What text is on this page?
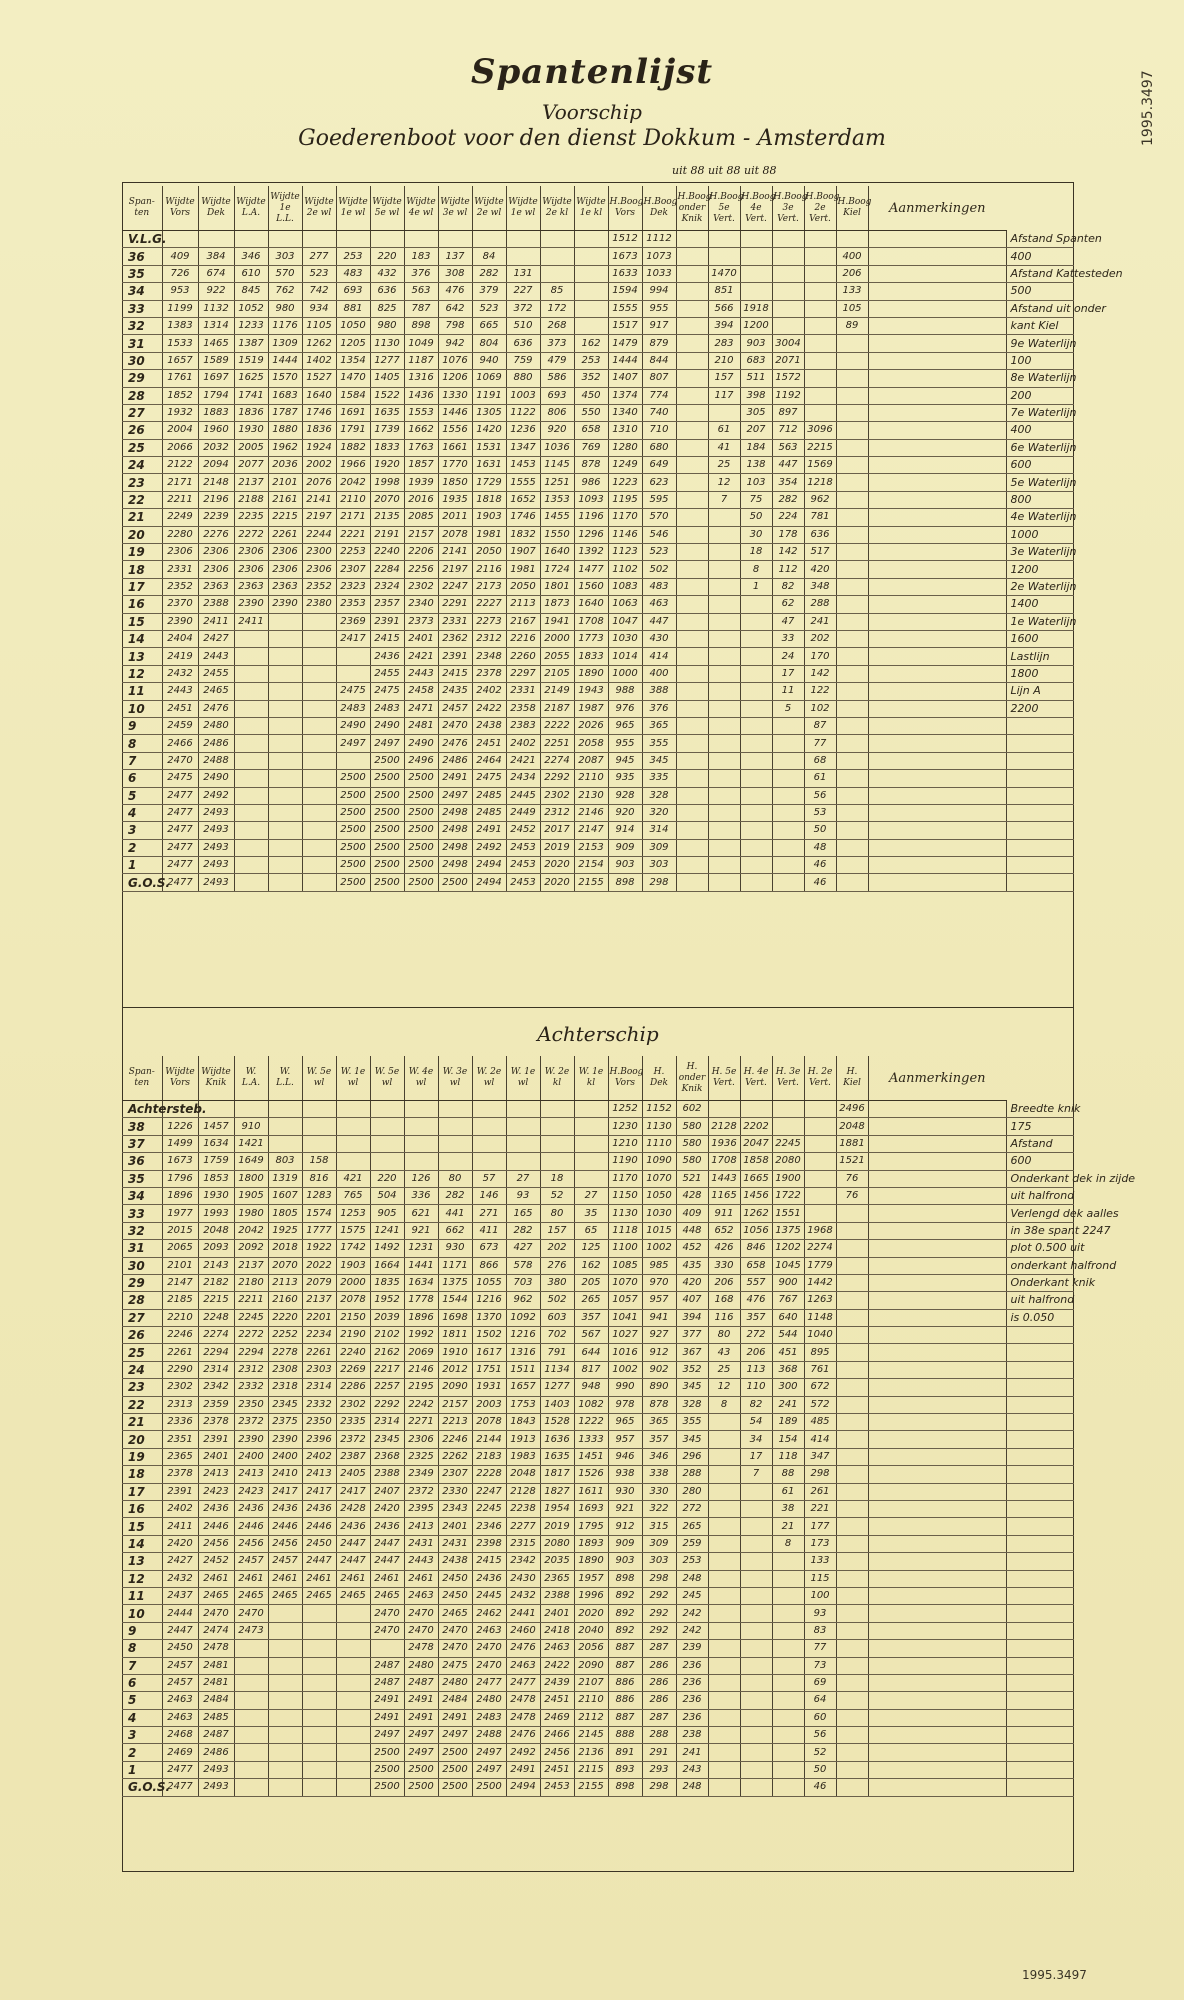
Spantenlijst
Voorschip
Goederenboot voor den dienst Dokkum - Amsterdam
uit 88 uit 88 uit 88
1995.3497
1995.3497
Span-ten	Wijdte Vors	Wijdte Dek	Wijdte L.A.	Wijdte 1e L.L.	Wijdte 2e wl	Wijdte 1e wl	Wijdte 5e wl	Wijdte 4e wl	Wijdte 3e wl	Wijdte 2e wl	Wijdte 1e wl	Wijdte 2e kl	Wijdte 1e kl	H.Boog Vors	H.Boog Dek	H.Boog onder Knik	H.Boog 5e Vert.	H.Boog 4e Vert.	H.Boog 3e Vert.	H.Boog 2e Vert.	H.Boog Kiel	Aanmerkingen	
V.L.G.														1512	1112								Afstand Spanten
36	409	384	346	303	277	253	220	183	137	84				1673	1073						400		400
35	726	674	610	570	523	483	432	376	308	282	131			1633	1033		1470				206		Afstand Kattesteden
34	953	922	845	762	742	693	636	563	476	379	227	85		1594	994		851				133		500
33	1199	1132	1052	980	934	881	825	787	642	523	372	172		1555	955		566	1918			105		Afstand uit onder
32	1383	1314	1233	1176	1105	1050	980	898	798	665	510	268		1517	917		394	1200			89		kant Kiel
31	1533	1465	1387	1309	1262	1205	1130	1049	942	804	636	373	162	1479	879		283	903	3004				9e Waterlijn
30	1657	1589	1519	1444	1402	1354	1277	1187	1076	940	759	479	253	1444	844		210	683	2071				100
29	1761	1697	1625	1570	1527	1470	1405	1316	1206	1069	880	586	352	1407	807		157	511	1572				8e Waterlijn
28	1852	1794	1741	1683	1640	1584	1522	1436	1330	1191	1003	693	450	1374	774		117	398	1192				200
27	1932	1883	1836	1787	1746	1691	1635	1553	1446	1305	1122	806	550	1340	740			305	897				7e Waterlijn
26	2004	1960	1930	1880	1836	1791	1739	1662	1556	1420	1236	920	658	1310	710		61	207	712	3096			400
25	2066	2032	2005	1962	1924	1882	1833	1763	1661	1531	1347	1036	769	1280	680		41	184	563	2215			6e Waterlijn
24	2122	2094	2077	2036	2002	1966	1920	1857	1770	1631	1453	1145	878	1249	649		25	138	447	1569			600
23	2171	2148	2137	2101	2076	2042	1998	1939	1850	1729	1555	1251	986	1223	623		12	103	354	1218			5e Waterlijn
22	2211	2196	2188	2161	2141	2110	2070	2016	1935	1818	1652	1353	1093	1195	595		7	75	282	962			800
21	2249	2239	2235	2215	2197	2171	2135	2085	2011	1903	1746	1455	1196	1170	570			50	224	781			4e Waterlijn
20	2280	2276	2272	2261	2244	2221	2191	2157	2078	1981	1832	1550	1296	1146	546			30	178	636			1000
19	2306	2306	2306	2306	2300	2253	2240	2206	2141	2050	1907	1640	1392	1123	523			18	142	517			3e Waterlijn
18	2331	2306	2306	2306	2306	2307	2284	2256	2197	2116	1981	1724	1477	1102	502			8	112	420			1200
17	2352	2363	2363	2363	2352	2323	2324	2302	2247	2173	2050	1801	1560	1083	483			1	82	348			2e Waterlijn
16	2370	2388	2390	2390	2380	2353	2357	2340	2291	2227	2113	1873	1640	1063	463				62	288			1400
15	2390	2411	2411			2369	2391	2373	2331	2273	2167	1941	1708	1047	447				47	241			1e Waterlijn
14	2404	2427				2417	2415	2401	2362	2312	2216	2000	1773	1030	430				33	202			1600
13	2419	2443					2436	2421	2391	2348	2260	2055	1833	1014	414				24	170			Lastlijn
12	2432	2455					2455	2443	2415	2378	2297	2105	1890	1000	400				17	142			1800
11	2443	2465				2475	2475	2458	2435	2402	2331	2149	1943	988	388				11	122			Lijn A
10	2451	2476				2483	2483	2471	2457	2422	2358	2187	1987	976	376				5	102			2200
9	2459	2480				2490	2490	2481	2470	2438	2383	2222	2026	965	365					87			
8	2466	2486				2497	2497	2490	2476	2451	2402	2251	2058	955	355					77			
7	2470	2488					2500	2496	2486	2464	2421	2274	2087	945	345					68			
6	2475	2490				2500	2500	2500	2491	2475	2434	2292	2110	935	335					61			
5	2477	2492				2500	2500	2500	2497	2485	2445	2302	2130	928	328					56			
4	2477	2493				2500	2500	2500	2498	2485	2449	2312	2146	920	320					53			
3	2477	2493				2500	2500	2500	2498	2491	2452	2017	2147	914	314					50			
2	2477	2493				2500	2500	2500	2498	2492	2453	2019	2153	909	309					48			
1	2477	2493				2500	2500	2500	2498	2494	2453	2020	2154	903	303					46			
G.O.S.	2477	2493				2500	2500	2500	2500	2494	2453	2020	2155	898	298					46			
Achterschip
Span-ten	Wijdte Vors	Wijdte Knik	W. L.A.	W. L.L.	W. 5e wl	W. 1e wl	W. 5e wl	W. 4e wl	W. 3e wl	W. 2e wl	W. 1e wl	W. 2e kl	W. 1e kl	H.Boog Vors	H. Dek	H. onder Knik	H. 5e Vert.	H. 4e Vert.	H. 3e Vert.	H. 2e Vert.	H. Kiel	Aanmerkingen	
Achtersteb.														1252	1152	602					2496		Breedte knik
38	1226	1457	910											1230	1130	580	2128	2202			2048		175
37	1499	1634	1421											1210	1110	580	1936	2047	2245		1881		Afstand
36	1673	1759	1649	803	158									1190	1090	580	1708	1858	2080		1521		600
35	1796	1853	1800	1319	816	421	220	126	80	57	27	18		1170	1070	521	1443	1665	1900		76		Onderkant dek in zijde
34	1896	1930	1905	1607	1283	765	504	336	282	146	93	52	27	1150	1050	428	1165	1456	1722		76		uit halfrond
33	1977	1993	1980	1805	1574	1253	905	621	441	271	165	80	35	1130	1030	409	911	1262	1551				Verlengd dek aalles
32	2015	2048	2042	1925	1777	1575	1241	921	662	411	282	157	65	1118	1015	448	652	1056	1375	1968			in 38e spant 2247
31	2065	2093	2092	2018	1922	1742	1492	1231	930	673	427	202	125	1100	1002	452	426	846	1202	2274			plot 0.500 uit
30	2101	2143	2137	2070	2022	1903	1664	1441	1171	866	578	276	162	1085	985	435	330	658	1045	1779			onderkant halfrond
29	2147	2182	2180	2113	2079	2000	1835	1634	1375	1055	703	380	205	1070	970	420	206	557	900	1442			Onderkant knik
28	2185	2215	2211	2160	2137	2078	1952	1778	1544	1216	962	502	265	1057	957	407	168	476	767	1263			uit halfrond
27	2210	2248	2245	2220	2201	2150	2039	1896	1698	1370	1092	603	357	1041	941	394	116	357	640	1148			is 0.050
26	2246	2274	2272	2252	2234	2190	2102	1992	1811	1502	1216	702	567	1027	927	377	80	272	544	1040			
25	2261	2294	2294	2278	2261	2240	2162	2069	1910	1617	1316	791	644	1016	912	367	43	206	451	895			
24	2290	2314	2312	2308	2303	2269	2217	2146	2012	1751	1511	1134	817	1002	902	352	25	113	368	761			
23	2302	2342	2332	2318	2314	2286	2257	2195	2090	1931	1657	1277	948	990	890	345	12	110	300	672			
22	2313	2359	2350	2345	2332	2302	2292	2242	2157	2003	1753	1403	1082	978	878	328	8	82	241	572			
21	2336	2378	2372	2375	2350	2335	2314	2271	2213	2078	1843	1528	1222	965	365	355		54	189	485			
20	2351	2391	2390	2390	2396	2372	2345	2306	2246	2144	1913	1636	1333	957	357	345		34	154	414			
19	2365	2401	2400	2400	2402	2387	2368	2325	2262	2183	1983	1635	1451	946	346	296		17	118	347			
18	2378	2413	2413	2410	2413	2405	2388	2349	2307	2228	2048	1817	1526	938	338	288		7	88	298			
17	2391	2423	2423	2417	2417	2417	2407	2372	2330	2247	2128	1827	1611	930	330	280			61	261			
16	2402	2436	2436	2436	2436	2428	2420	2395	2343	2245	2238	1954	1693	921	322	272			38	221			
15	2411	2446	2446	2446	2446	2436	2436	2413	2401	2346	2277	2019	1795	912	315	265			21	177			
14	2420	2456	2456	2456	2450	2447	2447	2431	2431	2398	2315	2080	1893	909	309	259			8	173			
13	2427	2452	2457	2457	2447	2447	2447	2443	2438	2415	2342	2035	1890	903	303	253				133			
12	2432	2461	2461	2461	2461	2461	2461	2461	2450	2436	2430	2365	1957	898	298	248				115			
11	2437	2465	2465	2465	2465	2465	2465	2463	2450	2445	2432	2388	1996	892	292	245				100			
10	2444	2470	2470				2470	2470	2465	2462	2441	2401	2020	892	292	242				93			
9	2447	2474	2473				2470	2470	2470	2463	2460	2418	2040	892	292	242				83			
8	2450	2478						2478	2470	2470	2476	2463	2056	887	287	239				77			
7	2457	2481					2487	2480	2475	2470	2463	2422	2090	887	286	236				73			
6	2457	2481					2487	2487	2480	2477	2477	2439	2107	886	286	236				69			
5	2463	2484					2491	2491	2484	2480	2478	2451	2110	886	286	236				64			
4	2463	2485					2491	2491	2491	2483	2478	2469	2112	887	287	236				60			
3	2468	2487					2497	2497	2497	2488	2476	2466	2145	888	288	238				56			
2	2469	2486					2500	2497	2500	2497	2492	2456	2136	891	291	241				52			
1	2477	2493					2500	2500	2500	2497	2491	2451	2115	893	293	243				50			
G.O.S.	2477	2493					2500	2500	2500	2500	2494	2453	2155	898	298	248				46			
